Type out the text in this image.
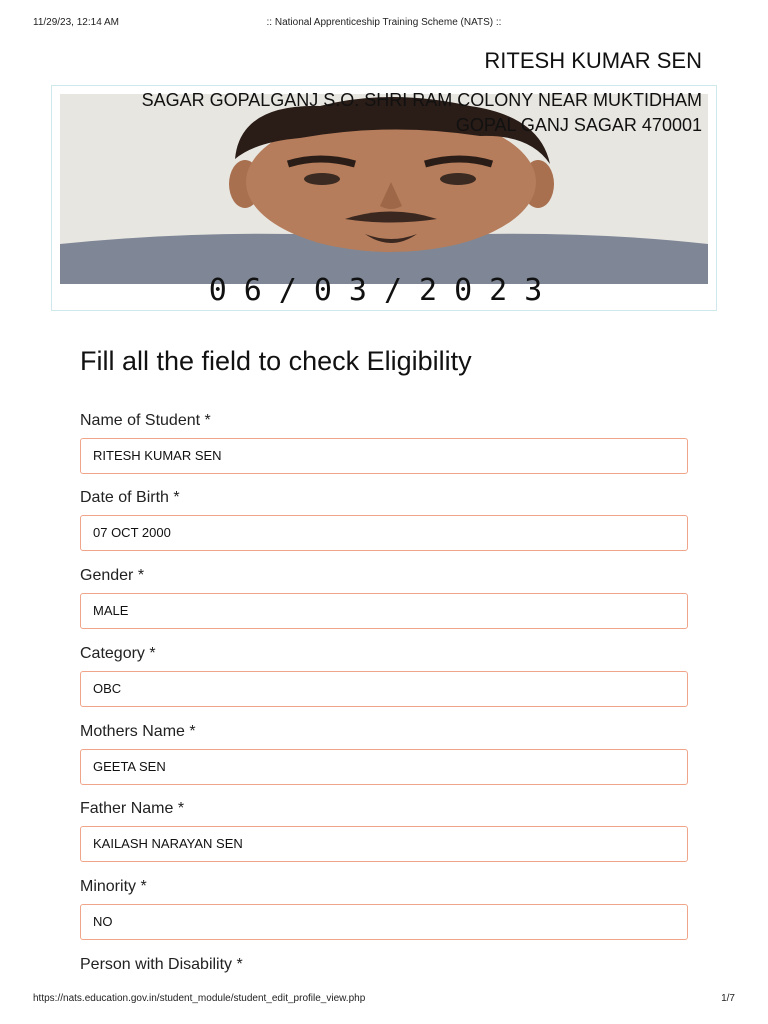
11/29/23, 12:14 AM	:: National Apprenticeship Training Scheme (NATS) ::
06/03/2023
RITESH KUMAR SEN
SAGAR GOPALGANJ S.O. SHRI RAM COLONY NEAR MUKTIDHAM
GOPAL GANJ SAGAR 470001
Fill all the field to check Eligibility
Name of Student *
RITESH KUMAR SEN
Date of Birth *
07 OCT 2000
Gender *
MALE
Category *
OBC
Mothers Name *
GEETA SEN
Father Name *
KAILASH NARAYAN SEN
Minority *
NO
Person with Disability *
https://nats.education.gov.in/student_module/student_edit_profile_view.php	1/7
